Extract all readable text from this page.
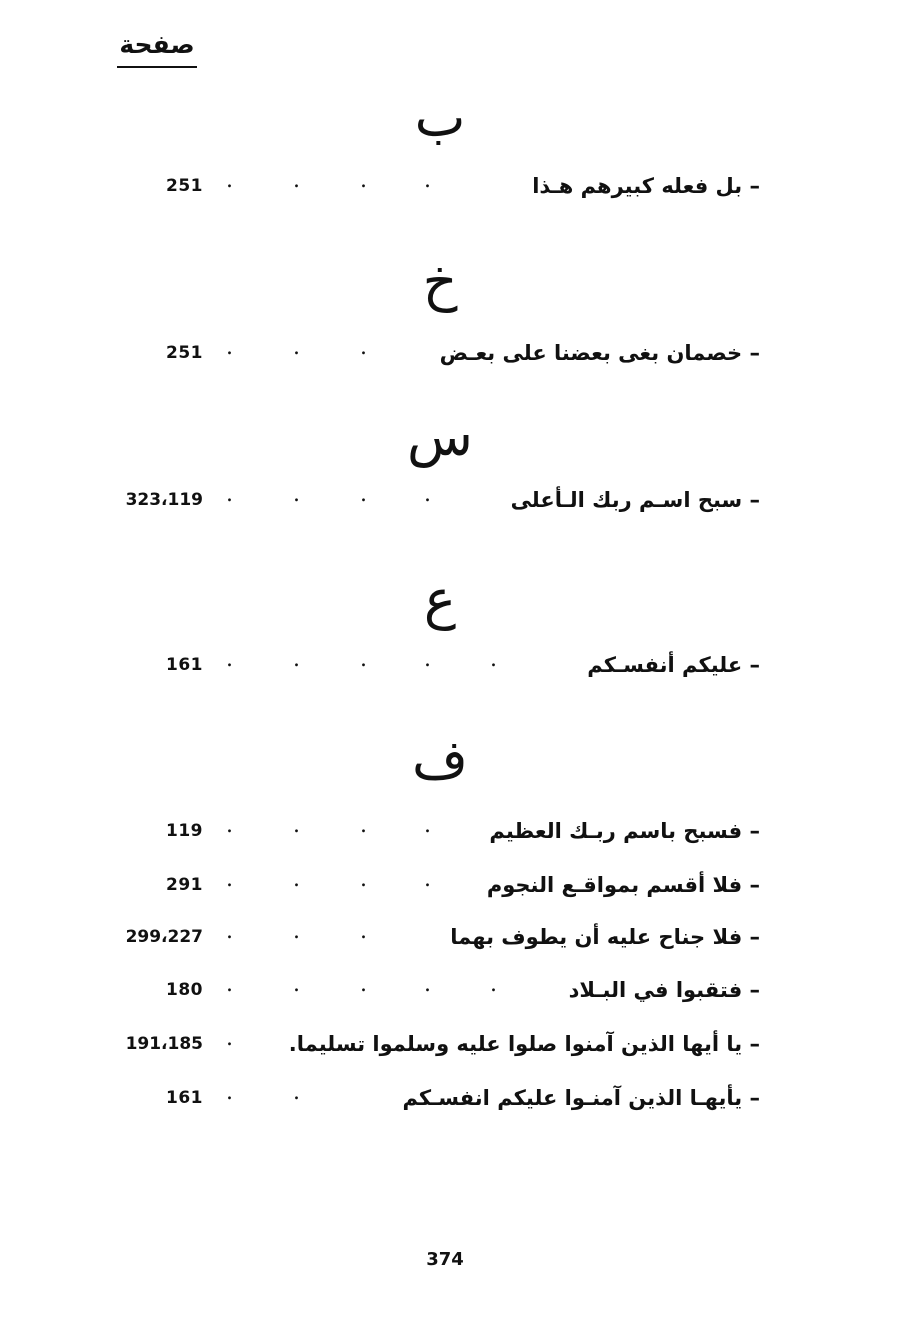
صفحة
ب
251 .	.	.	.	– بل فعله كبيرهم هـذا
خ
251 .	.	.	– خصمان بغى بعضنا على بعـض
س
323،119 .	.	.	.	– سبح اسـم ربك الـأعلى
ع
161 .	.	.	.	.	– عليكم أنفسـكم
ف
119 .	.	.	.	– فسبح باسم ربـك العظيم
291 .	.	.	.	– فلا أقسم بمواقـع النجوم
299،227 .	.	.	– فلا جناح عليه أن يطوف بهما
180 .	.	.	.	.	– فتقبوا في البـلاد
191،185 .	– يا أيها الذين آمنوا صلوا عليه وسلموا تسليما.
161 .	.	– يأيهـا الذين آمنـوا عليكم انفسـكم
374
